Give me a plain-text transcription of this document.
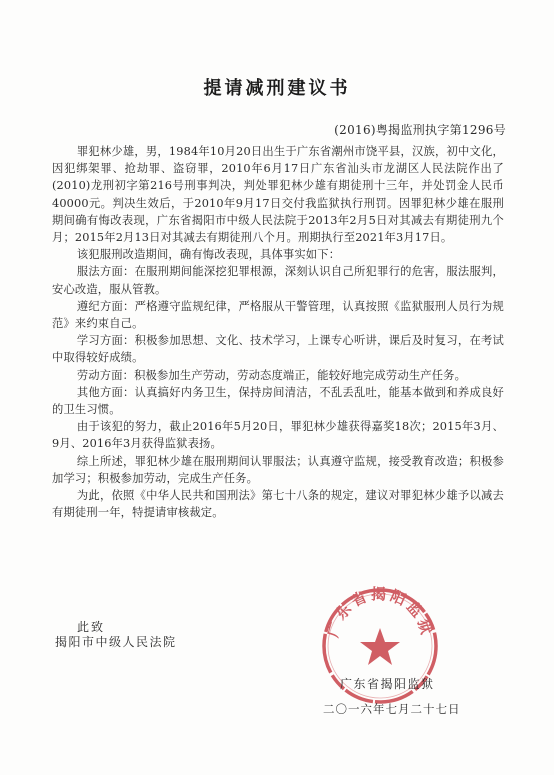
提请减刑建议书
(2016)粤揭监刑执字第1296号

罪犯林少雄，男，1984年10月20日出生于广东省潮州市饶平县，汉族，初中文化，因犯绑架罪、抢劫罪、盗窃罪，2010年6月17日广东省汕头市龙湖区人民法院作出了(2010)龙刑初字第216号刑事判决，判处罪犯林少雄有期徒刑十三年，并处罚金人民币40000元。判决生效后，于2010年9月17日交付我监狱执行刑罚。因罪犯林少雄在服刑期间确有悔改表现，广东省揭阳市中级人民法院于2013年2月5日对其减去有期徒刑九个月；2015年2月13日对其减去有期徒刑八个月。刑期执行至2021年3月17日。

该犯服刑改造期间，确有悔改表现，具体事实如下：

服法方面：在服刑期间能深挖犯罪根源，深刻认识自己所犯罪行的危害，服法服判，安心改造，服从管教。

遵纪方面：严格遵守监规纪律，严格服从干警管理，认真按照《监狱服刑人员行为规范》来约束自己。

学习方面：积极参加思想、文化、技术学习，上课专心听讲，课后及时复习，在考试中取得较好成绩。

劳动方面：积极参加生产劳动，劳动态度端正，能较好地完成劳动生产任务。

其他方面：认真搞好内务卫生，保持房间清洁，不乱丢乱吐，能基本做到和养成良好的卫生习惯。

由于该犯的努力，截止2016年5月20日，罪犯林少雄获得嘉奖18次；2015年3月、9月、2016年3月获得监狱表扬。

综上所述，罪犯林少雄在服刑期间认罪服法；认真遵守监规，接受教育改造；积极参加学习；积极参加劳动，完成生产任务。

为此，依照《中华人民共和国刑法》第七十八条的规定，建议对罪犯林少雄予以减去有期徒刑一年，特提请审核裁定。

此致
揭阳市中级人民法院
广东省揭阳监狱
广东省揭阳监狱
二〇一六年七月二十七日
